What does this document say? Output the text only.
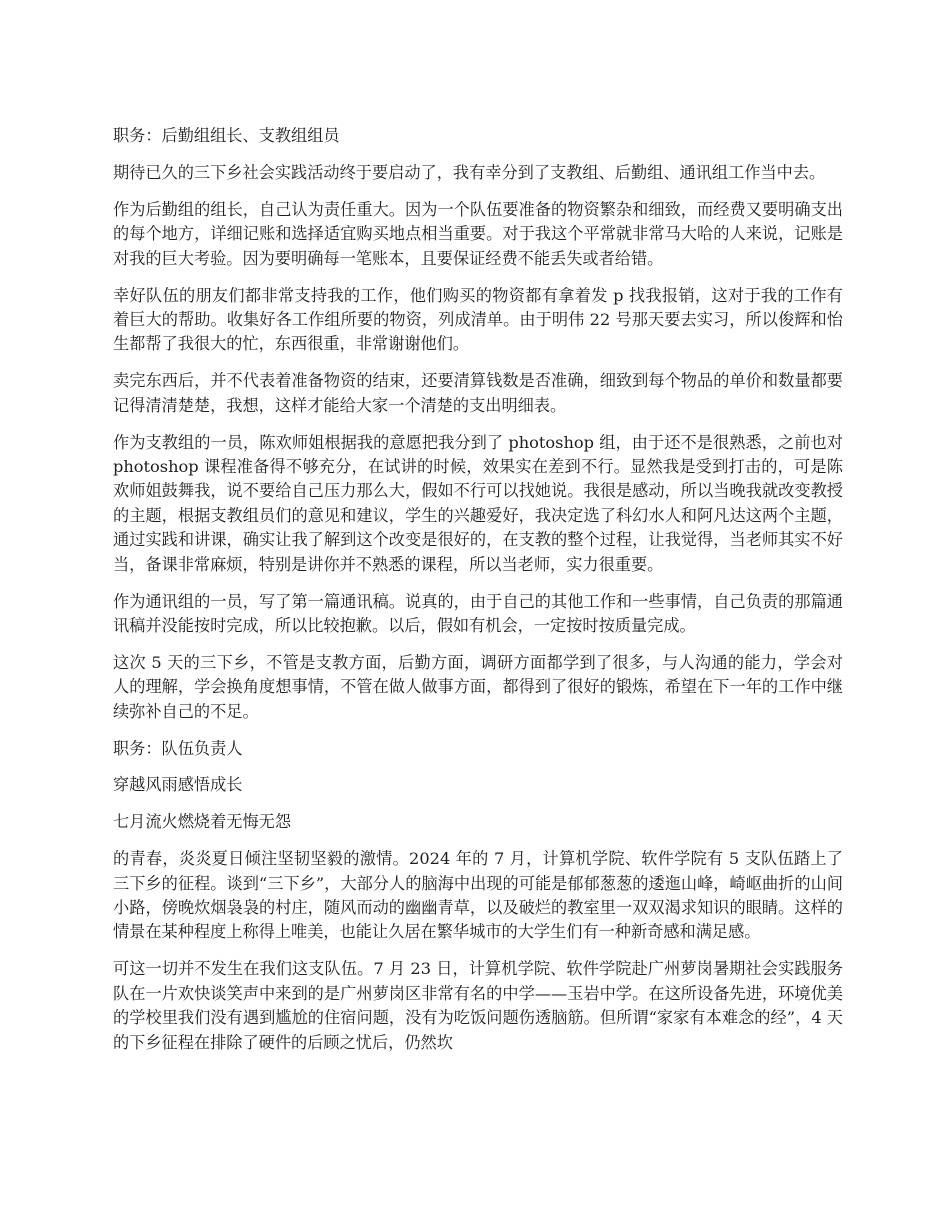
职务：后勤组组长、支教组组员

期待已久的三下乡社会实践活动终于要启动了，我有幸分到了支教组、后勤组、通讯组工作当中去。

作为后勤组的组长，自己认为责任重大。因为一个队伍要准备的物资繁杂和细致，而经费又要明确支出的每个地方，详细记账和选择适宜购买地点相当重要。对于我这个平常就非常马大哈的人来说，记账是对我的巨大考验。因为要明确每一笔账本，且要保证经费不能丢失或者给错。

幸好队伍的朋友们都非常支持我的工作，他们购买的物资都有拿着发 p 找我报销，这对于我的工作有着巨大的帮助。收集好各工作组所要的物资，列成清单。由于明伟 22 号那天要去实习，所以俊辉和怡生都帮了我很大的忙，东西很重，非常谢谢他们。

卖完东西后，并不代表着准备物资的结束，还要清算钱数是否准确，细致到每个物品的单价和数量都要记得清清楚楚，我想，这样才能给大家一个清楚的支出明细表。

作为支教组的一员，陈欢师姐根据我的意愿把我分到了 photoshop 组，由于还不是很熟悉，之前也对 photoshop 课程准备得不够充分，在试讲的时候，效果实在差到不行。显然我是受到打击的，可是陈欢师姐鼓舞我，说不要给自己压力那么大，假如不行可以找她说。我很是感动，所以当晚我就改变教授的主题，根据支教组员们的意见和建议，学生的兴趣爱好，我决定选了科幻水人和阿凡达这两个主题，通过实践和讲课，确实让我了解到这个改变是很好的，在支教的整个过程，让我觉得，当老师其实不好当，备课非常麻烦，特别是讲你并不熟悉的课程，所以当老师，实力很重要。

作为通讯组的一员，写了第一篇通讯稿。说真的，由于自己的其他工作和一些事情，自己负责的那篇通讯稿并没能按时完成，所以比较抱歉。以后，假如有机会，一定按时按质量完成。

这次 5 天的三下乡，不管是支教方面，后勤方面，调研方面都学到了很多，与人沟通的能力，学会对人的理解，学会换角度想事情，不管在做人做事方面，都得到了很好的锻炼，希望在下一年的工作中继续弥补自己的不足。

职务：队伍负责人

穿越风雨感悟成长

七月流火燃烧着无悔无怨

的青春，炎炎夏日倾注坚韧坚毅的激情。2024 年的 7 月，计算机学院、软件学院有 5 支队伍踏上了三下乡的征程。谈到“三下乡”，大部分人的脑海中出现的可能是郁郁葱葱的逶迤山峰，崎岖曲折的山间小路，傍晚炊烟袅袅的村庄，随风而动的幽幽青草，以及破烂的教室里一双双渴求知识的眼睛。这样的情景在某种程度上称得上唯美，也能让久居在繁华城市的大学生们有一种新奇感和满足感。

可这一切并不发生在我们这支队伍。7 月 23 日，计算机学院、软件学院赴广州萝岗暑期社会实践服务队在一片欢快谈笑声中来到的是广州萝岗区非常有名的中学——玉岩中学。在这所设备先进，环境优美的学校里我们没有遇到尴尬的住宿问题，没有为吃饭问题伤透脑筋。但所谓“家家有本难念的经”，4 天的下乡征程在排除了硬件的后顾之忧后，仍然坎
